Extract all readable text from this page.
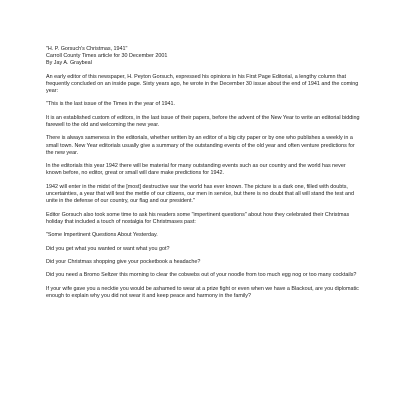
"H. P. Gorsuch's Christmas, 1941"
Carroll County Times article for 30 December 2001
By Jay A. Graybeal

An early editor of this newspaper, H. Peyton Gorsuch, expressed his opinions in his First Page Editorial, a lengthy column that frequently concluded on an inside page. Sixty years ago, he wrote in the December 30 issue about the end of 1941 and the coming year:

"This is the last issue of the Times in the year of 1941.

It is an established custom of editors, in the last issue of their papers, before the advent of the New Year to write an editorial bidding farewell to the old and welcoming the new year.

There is always sameness in the editorials, whether written by an editor of a big city paper or by one who publishes a weekly in a small town. New Year editorials usually give a summary of the outstanding events of the old year and often venture predictions for the new year.

In the editorials this year 1942 there will be material for many outstanding events such as our country and the world has never known before, no editor, great or small will dare make predictions for 1942.

1942 will enter in the midst of the [most] destructive war the world has ever known. The picture is a dark one, filled with doubts, uncertainties, a year that will test the mettle of our citizens, our men in service, but there is no doubt that all will stand the test and unite in the defense of our country, our flag and our president."

Editor Gorsuch also took some time to ask his readers some "impertinent questions" about how they celebrated their Christmas holiday that included a touch of nostalgia for Christmases past:

"Some Impertinent Questions About Yesterday.

Did you get what you wanted or want what you got?

Did your Christmas shopping give your pocketbook a headache?

Did you need a Bromo Seltzer this morning to clear the cobwebs out of your noodle from too much egg nog or too many cocktails?

If your wife gave you a necktie you would be ashamed to wear at a prize fight or even when we have a Blackout, are you diplomatic enough to explain why you did not wear it and keep peace and harmony in the family?
